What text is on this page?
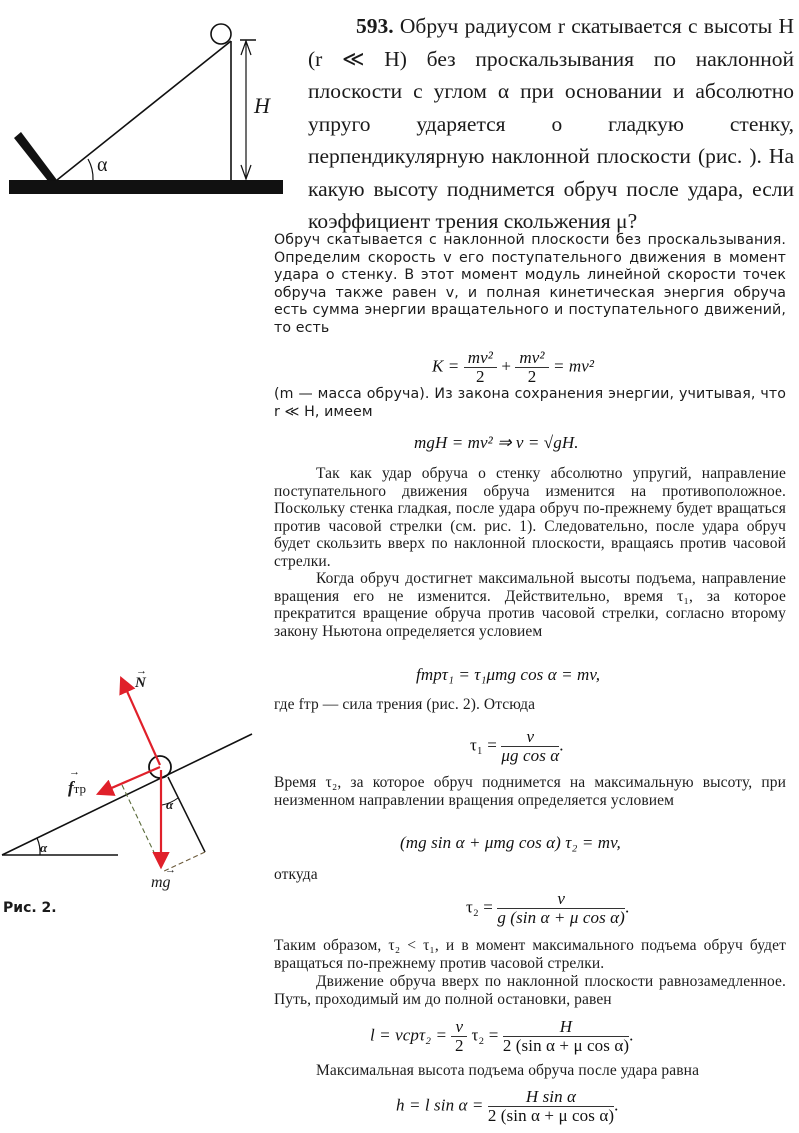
H
α
593. Обруч радиусом r скатывается с высоты H (r ≪ H) без проскальзывания по наклонной плоскости с углом α при основании и абсолютно упруго ударяется о гладкую стенку, перпендикулярную наклонной плоскости (рис. ). На какую высоту поднимется обруч после удара, если коэффициент трения скольжения μ?
→
N
→
fтр
→
mg
α
α
Рис. 2.
Обруч скатывается с наклонной плоскости без проскальзывания. Определим скорость v его поступательного движения в момент удара о стенку. В этот момент модуль линейной скорости точек обруча также равен v, и полная кинетическая энергия обруча есть сумма энергии вращательного и поступательного движений, то есть
$K = \frac{\text{mv²}}{2} + \frac{\text{mv²}}{2} = mv^2$
(m — масса обруча). Из закона сохранения энергии, учитывая, что r ≪ H, имеем
mgH = mv² ⇒ v = √gH.
Так как удар обруча о стенку абсолютно упругий, направление поступательного движения обруча изменится на противоположное. Поскольку стенка гладкая, после удара обруч по-прежнему будет вращаться против часовой стрелки (см. рис. 1). Следовательно, после удара обруч будет скользить вверх по наклонной плоскости, вращаясь против часовой стрелки.
Когда обруч достигнет максимальной высоты подъема, направление вращения его не изменится. Действительно, время τ₁, за которое прекратится вращение обруча против часовой стрелки, согласно второму закону Ньютона определяется условием
fтрτ₁ = τ₁μmg cos α = mv,
где fтр — сила трения (рис. 2). Отсюда
$\tau_1 = \frac{v}{\text{μg cos α}}$ .
Время τ₂, за которое обруч поднимется на максимальную высоту, при неизменном направлении вращения определяется условием
(mg sin α + μmg cos α) τ₂ = mv,
откуда
$\tau_2 = \frac{v}{\text{g (sin α + μ cos α)}}$ .
Таким образом, τ₂ < τ₁, и в момент максимального подъема обруч будет вращаться по-прежнему против часовой стрелки.
Движение обруча вверх по наклонной плоскости равнозамедленное. Путь, проходимый им до полной остановки, равен
$l = vср\tau_2 = \frac{v}{2} \tau_2 = \frac{H}{\text{2 (sin α + μ cos α)}}$ .
Максимальная высота подъема обруча после удара равна
h = l $\sin \alpha = \frac{\text{H sin α}}{\text{2 (sin α + μ cos α)}}$ .
